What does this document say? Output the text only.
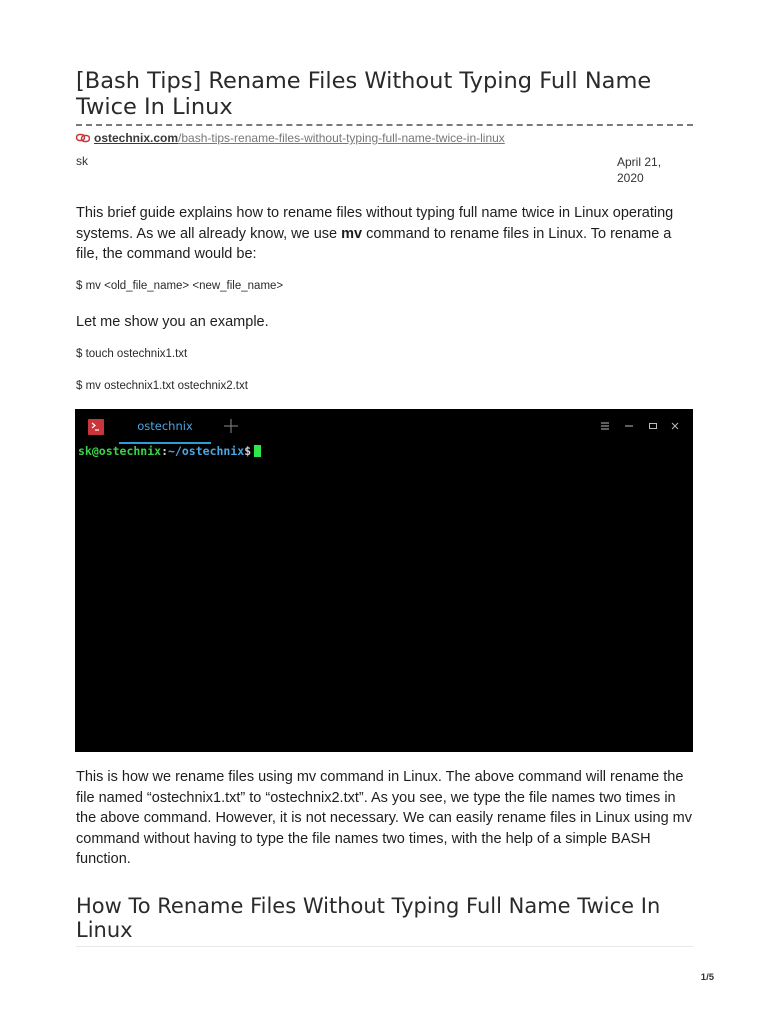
[Bash Tips] Rename Files Without Typing Full Name Twice In Linux
ostechnix.com/bash-tips-rename-files-without-typing-full-name-twice-in-linux
sk	April 21, 2020

This brief guide explains how to rename files without typing full name twice in Linux operating systems. As we all already know, we use mv command to rename files in Linux. To rename a file, the command would be:

$ mv <old_file_name> <new_file_name>

Let me show you an example.

$ touch ostechnix1.txt

$ mv ostechnix1.txt ostechnix2.txt

ostechnix
sk@ostechnix:~/ostechnix$

This is how we rename files using mv command in Linux. The above command will rename the file named “ostechnix1.txt” to “ostechnix2.txt”. As you see, we type the file names two times in the above command. However, it is not necessary. We can easily rename files in Linux using mv command without having to type the file names two times, with the help of a simple BASH function.

How To Rename Files Without Typing Full Name Twice In Linux
1/5
